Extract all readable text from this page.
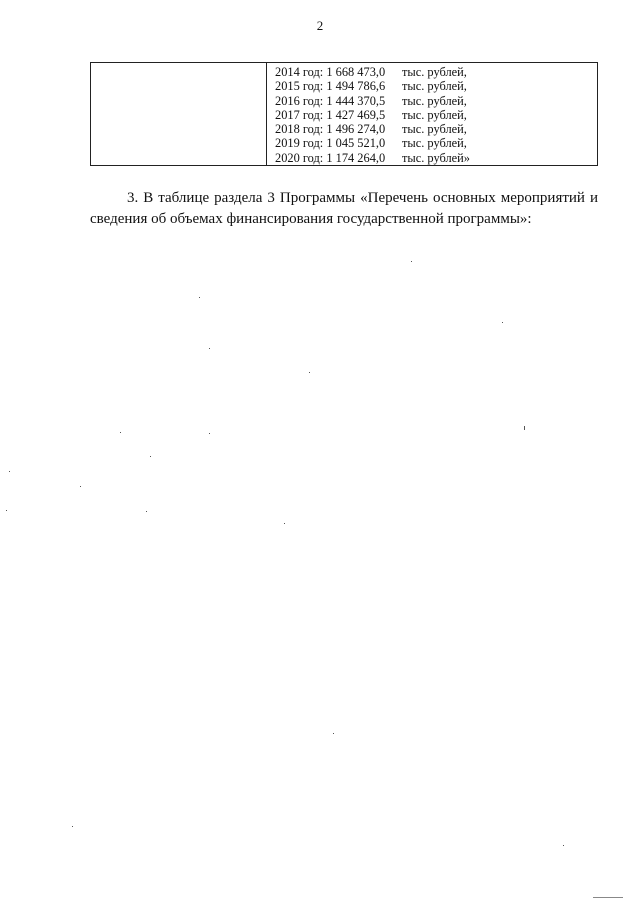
2
2014 год: 1 668 473,0	тыс. рублей,
2015 год: 1 494 786,6	тыс. рублей,
2016 год: 1 444 370,5	тыс. рублей,
2017 год: 1 427 469,5	тыс. рублей,
2018 год: 1 496 274,0	тыс. рублей,
2019 год: 1 045 521,0	тыс. рублей,
2020 год: 1 174 264,0	тыс. рублей»
3. В таблице раздела 3 Программы «Перечень основных мероприятий и
сведения об объемах финансирования государственной программы»:
